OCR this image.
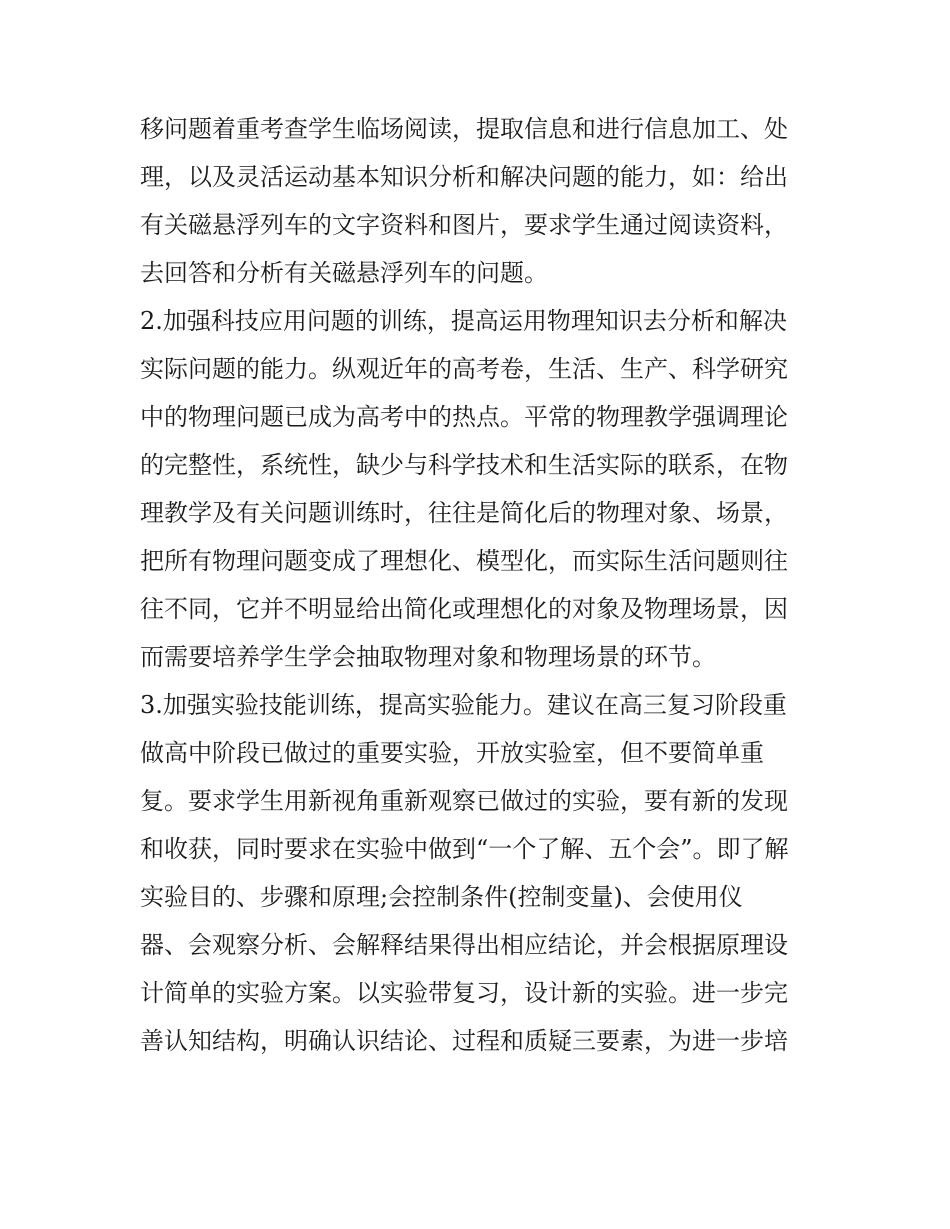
移问题着重考查学生临场阅读，提取信息和进行信息加工、处
理，以及灵活运动基本知识分析和解决问题的能力，如：给出
有关磁悬浮列车的文字资料和图片，要求学生通过阅读资料，
去回答和分析有关磁悬浮列车的问题。
2.加强科技应用问题的训练，提高运用物理知识去分析和解决
实际问题的能力。纵观近年的高考卷，生活、生产、科学研究
中的物理问题已成为高考中的热点。平常的物理教学强调理论
的完整性，系统性，缺少与科学技术和生活实际的联系，在物
理教学及有关问题训练时，往往是简化后的物理对象、场景，
把所有物理问题变成了理想化、模型化，而实际生活问题则往
往不同，它并不明显给出简化或理想化的对象及物理场景，因
而需要培养学生学会抽取物理对象和物理场景的环节。
3.加强实验技能训练，提高实验能力。建议在高三复习阶段重
做高中阶段已做过的重要实验，开放实验室，但不要简单重
复。要求学生用新视角重新观察已做过的实验，要有新的发现
和收获，同时要求在实验中做到“一个了解、五个会”。即了解
实验目的、步骤和原理;会控制条件(控制变量)、会使用仪
器、会观察分析、会解释结果得出相应结论，并会根据原理设
计简单的实验方案。以实验带复习，设计新的实验。进一步完
善认知结构，明确认识结论、过程和质疑三要素，为进一步培
